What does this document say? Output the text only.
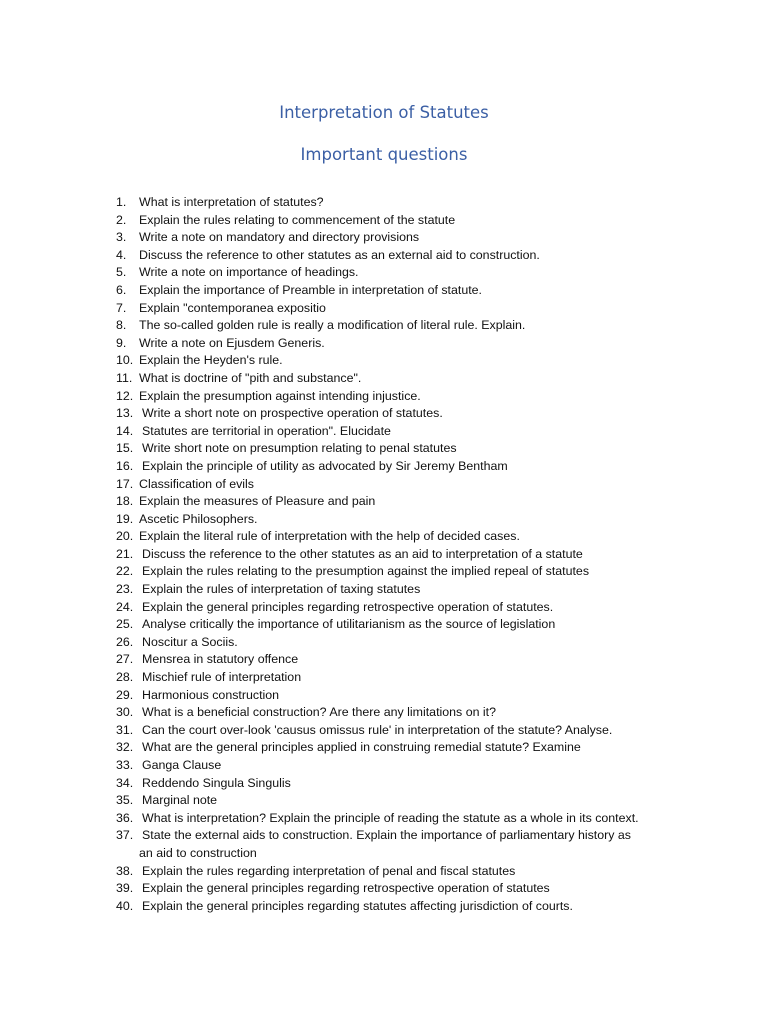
Interpretation of Statutes
Important questions
1. What is interpretation of statutes?
2. Explain the rules relating to commencement of the statute
3. Write a note on mandatory and directory provisions
4. Discuss the reference to other statutes as an external aid to construction.
5. Write a note on importance of headings.
6. Explain the importance of Preamble in interpretation of statute.
7. Explain "contemporanea expositio
8. The so-called golden rule is really a modification of literal rule. Explain.
9. Write a note on Ejusdem Generis.
10. Explain the Heyden's rule.
11. What is doctrine of "pith and substance".
12. Explain the presumption against intending injustice.
13. Write a short note on prospective operation of statutes.
14. Statutes are territorial in operation". Elucidate
15. Write short note on presumption relating to penal statutes
16. Explain the principle of utility as advocated by Sir Jeremy Bentham
17. Classification of evils
18. Explain the measures of Pleasure and pain
19. Ascetic Philosophers.
20. Explain the literal rule of interpretation with the help of decided cases.
21. Discuss the reference to the other statutes as an aid to interpretation of a statute
22. Explain the rules relating to the presumption against the implied repeal of statutes
23. Explain the rules of interpretation of taxing statutes
24. Explain the general principles regarding retrospective operation of statutes.
25. Analyse critically the importance of utilitarianism as the source of legislation
26. Noscitur a Sociis.
27. Mensrea in statutory offence
28. Mischief rule of interpretation
29. Harmonious construction
30. What is a beneficial construction? Are there any limitations on it?
31. Can the court over-look 'causus omissus rule' in interpretation of the statute? Analyse.
32. What are the general principles applied in construing remedial statute? Examine
33. Ganga Clause
34. Reddendo Singula Singulis
35. Marginal note
36. What is interpretation? Explain the principle of reading the statute as a whole in its context.
37. State the external aids to construction. Explain the importance of parliamentary history as
an aid to construction
38. Explain the rules regarding interpretation of penal and fiscal statutes
39. Explain the general principles regarding retrospective operation of statutes
40. Explain the general principles regarding statutes affecting jurisdiction of courts.
